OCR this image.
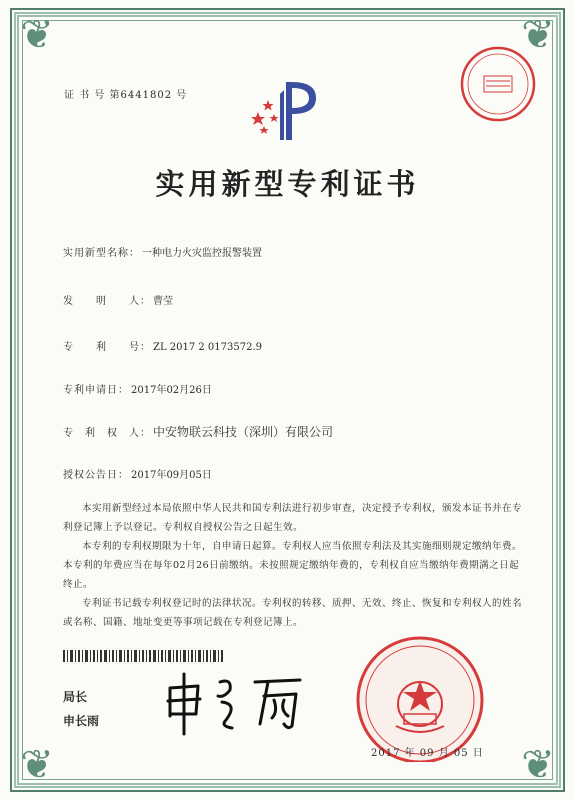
❦	❦
❦	❦
证 书 号 第6441802 号
实用新型专利证书
实用新型名称： 一种电力火灾监控报警装置
发　　明　　人： 曹莹
专　　利　　号： ZL 2017 2 0173572.9
专利申请日： 2017年02月26日
专　利　权　人： 中安物联云科技（深圳）有限公司
授权公告日： 2017年09月05日
本实用新型经过本局依照中华人民共和国专利法进行初步审查，决定授予专利权，颁发本证书并在专利登记簿上予以登记。专利权自授权公告之日起生效。
本专利的专利权期限为十年，自申请日起算。专利权人应当依照专利法及其实施细则规定缴纳年费。本专利的年费应当在每年02月26日前缴纳。未按照规定缴纳年费的，专利权自应当缴纳年费期满之日起终止。
专利证书记载专利权登记时的法律状况。专利权的转移、质押、无效、终止、恢复和专利权人的姓名或名称、国籍、地址变更等事项记载在专利登记簿上。
局长
申长雨
2017 年 09 月 05 日
